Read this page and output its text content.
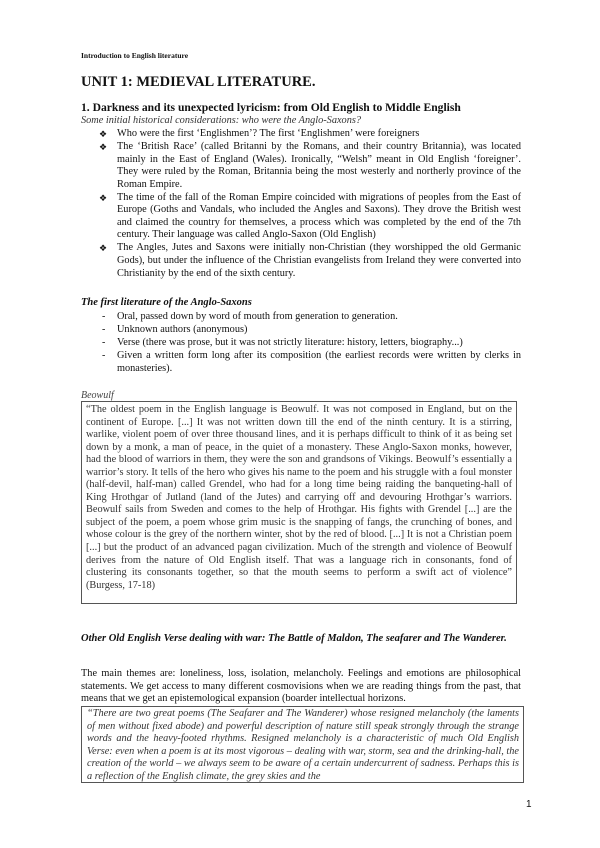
Introduction to English literature
UNIT 1: MEDIEVAL LITERATURE.
1. Darkness and its unexpected lyricism: from Old English to Middle English
Some initial historical considerations: who were the Anglo-Saxons?
❖ Who were the first ‘Englishmen’? The first ‘Englishmen’ were foreigners
❖ The ‘British Race’ (called Britanni by the Romans, and their country Britannia), was located mainly in the East of England (Wales). Ironically, “Welsh” meant in Old English ‘foreigner’. They were ruled by the Roman, Britannia being the most westerly and northerly province of the Roman Empire.
❖ The time of the fall of the Roman Empire coincided with migrations of peoples from the East of Europe (Goths and Vandals, who included the Angles and Saxons). They drove the British west and claimed the country for themselves, a process which was completed by the end of the 7th century. Their language was called Anglo-Saxon (Old English)
❖ The Angles, Jutes and Saxons were initially non-Christian (they worshipped the old Germanic Gods), but under the influence of the Christian evangelists from Ireland they were converted into Christianity by the end of the sixth century.
The first literature of the Anglo-Saxons
- Oral, passed down by word of mouth from generation to generation.
- Unknown authors (anonymous)
- Verse (there was prose, but it was not strictly literature: history, letters, biography...)
- Given a written form long after its composition (the earliest records were written by clerks in monasteries).
Beowulf

“The oldest poem in the English language is Beowulf. It was not composed in England, but on the continent of Europe. [...] It was not written down till the end of the ninth century. It is a stirring, warlike, violent poem of over three thousand lines, and it is perhaps difficult to think of it as being set down by a monk, a man of peace, in the quiet of a monastery. These Anglo-Saxon monks, however, had the blood of warriors in them, they were the son and grandsons of Vikings. Beowulf’s essentially a warrior’s story. It tells of the hero who gives his name to the poem and his struggle with a foul monster (half-devil, half-man) called Grendel, who had for a long time being raiding the banqueting-hall of King Hrothgar of Jutland (land of the Jutes) and carrying off and devouring Hrothgar’s warriors. Beowulf sails from Sweden and comes to the help of Hrothgar. His fights with Grendel [...] are the subject of the poem, a poem whose grim music is the snapping of fangs, the crunching of bones, and whose colour is the grey of the northern winter, shot by the red of blood. [...] It is not a Christian poem [...] but the product of an advanced pagan civilization. Much of the strength and violence of Beowulf derives from the nature of Old English itself. That was a language rich in consonants, fond of clustering its consonants together, so that the mouth seems to perform a swift act of violence” (Burgess, 17-18)

Other Old English Verse dealing with war: The Battle of Maldon, The seafarer and The Wanderer.
The main themes are: loneliness, loss, isolation, melancholy. Feelings and emotions are philosophical statements. We get access to many different cosmovisions when we are reading things from the past, that means that we get an epistemological expansion (boarder intellectual horizons.

“There are two great poems (The Seafarer and The Wanderer) whose resigned melancholy (the laments of men without fixed abode) and powerful description of nature still speak strongly through the strange words and the heavy-footed rhythms. Resigned melancholy is a characteristic of much Old English Verse: even when a poem is at its most vigorous – dealing with war, storm, sea and the drinking-hall, the creation of the world – we always seem to be aware of a certain undercurrent of sadness. Perhaps this is a reflection of the English climate, the grey skies and the

1
